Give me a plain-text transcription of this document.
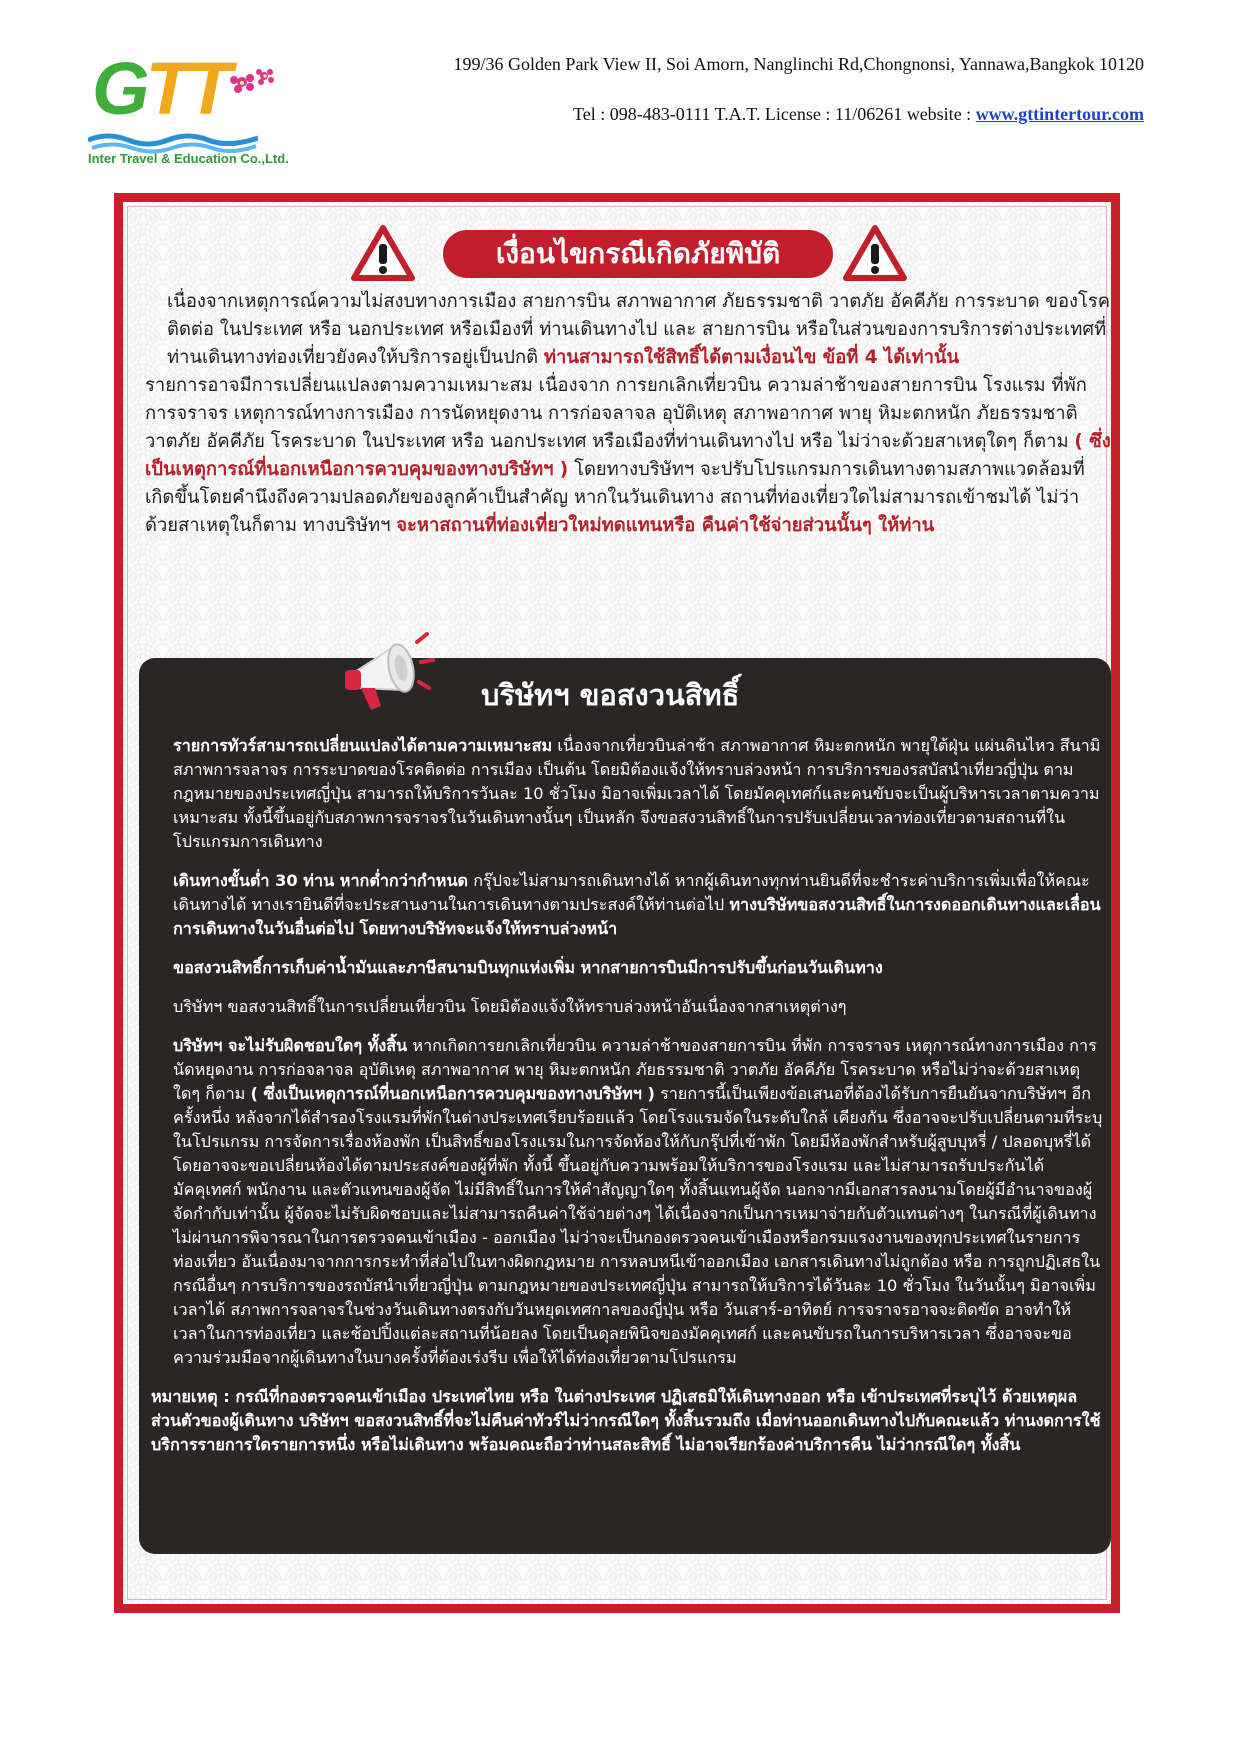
GTT
Inter Travel & Education Co.,Ltd.
199/36 Golden Park View II, Soi Amorn, Nanglinchi Rd,Chongnonsi, Yannawa,Bangkok 10120
Tel : 098-483-0111 T.A.T. License : 11/06261 website : www.gttintertour.com
เงื่อนไขกรณีเกิดภัยพิบัติ

เนื่องจากเหตุการณ์ความไม่สงบทางการเมือง สายการบิน สภาพอากาศ ภัยธรรมชาติ วาตภัย อัคคีภัย การระบาด ของโรคติดต่อ ในประเทศ หรือ นอกประเทศ หรือเมืองที่ ท่านเดินทางไป และ สายการบิน หรือในส่วนของการบริการต่างประเทศที่ท่านเดินทางท่องเที่ยวยังคงให้บริการอยู่เป็นปกติ ท่านสามารถใช้สิทธิ์ได้ตามเงื่อนไข ข้อที่ 4 ได้เท่านั้น

รายการอาจมีการเปลี่ยนแปลงตามความเหมาะสม เนื่องจาก การยกเลิกเที่ยวบิน ความล่าช้าของสายการบิน โรงแรม ที่พัก การจราจร เหตุการณ์ทางการเมือง การนัดหยุดงาน การก่อจลาจล อุบัติเหตุ สภาพอากาศ พายุ หิมะตกหนัก ภัยธรรมชาติ วาตภัย อัคคีภัย โรคระบาด ในประเทศ หรือ นอกประเทศ หรือเมืองที่ท่านเดินทางไป หรือ ไม่ว่าจะด้วยสาเหตุใดๆ ก็ตาม ( ซึ่งเป็นเหตุการณ์ที่นอกเหนือการควบคุมของทางบริษัทฯ ) โดยทางบริษัทฯ จะปรับโปรแกรมการเดินทางตามสภาพแวดล้อมที่เกิดขึ้นโดยคำนึงถึงความปลอดภัยของลูกค้าเป็นสำคัญ หากในวันเดินทาง สถานที่ท่องเที่ยวใดไม่สามารถเข้าชมได้ ไม่ว่าด้วยสาเหตุในก็ตาม ทางบริษัทฯ จะหาสถานที่ท่องเที่ยวใหม่ทดแทนหรือ คืนค่าใช้จ่ายส่วนนั้นๆ ให้ท่าน

บริษัทฯ ขอสงวนสิทธิ์

รายการทัวร์สามารถเปลี่ยนแปลงได้ตามความเหมาะสม เนื่องจากเที่ยวบินล่าช้า สภาพอากาศ หิมะตกหนัก พายุใต้ฝุ่น แผ่นดินไหว สึนามิ สภาพการจลาจร การระบาดของโรคติดต่อ การเมือง เป็นต้น โดยมิต้องแจ้งให้ทราบล่วงหน้า การบริการของรสบัสนำเที่ยวญี่ปุ่น ตามกฎหมายของประเทศญี่ปุ่น สามารถให้บริการวันละ 10 ชั่วโมง มิอาจเพิ่มเวลาได้ โดยมัคคุเทศก์และคนขับจะเป็นผู้บริหารเวลาตามความเหมาะสม ทั้งนี้ขึ้นอยู่กับสภาพการจราจรในวันเดินทางนั้นๆ เป็นหลัก จึงขอสงวนสิทธิ์ในการปรับเปลี่ยนเวลาท่องเที่ยวตามสถานที่ในโปรแกรมการเดินทาง

เดินทางขั้นต่ำ 30 ท่าน หากต่ำกว่ากำหนด กรุ๊ปจะไม่สามารถเดินทางได้ หากผู้เดินทางทุกท่านยินดีที่จะชำระค่าบริการเพิ่มเพื่อให้คณะเดินทางได้ ทางเรายินดีที่จะประสานงานในการเดินทางตามประสงค์ให้ท่านต่อไป ทางบริษัทขอสงวนสิทธิ์ในการงดออกเดินทางและเลื่อนการเดินทางในวันอื่นต่อไป โดยทางบริษัทจะแจ้งให้ทราบล่วงหน้า

ขอสงวนสิทธิ์การเก็บค่าน้ำมันและภาษีสนามบินทุกแห่งเพิ่ม หากสายการบินมีการปรับขึ้นก่อนวันเดินทาง

บริษัทฯ ขอสงวนสิทธิ์ในการเปลี่ยนเที่ยวบิน โดยมิต้องแจ้งให้ทราบล่วงหน้าอันเนื่องจากสาเหตุต่างๆ

บริษัทฯ จะไม่รับผิดชอบใดๆ ทั้งสิ้น หากเกิดการยกเลิกเที่ยวบิน ความล่าช้าของสายการบิน ที่พัก การจราจร เหตุการณ์ทางการเมือง การนัดหยุดงาน การก่อจลาจล อุบัติเหตุ สภาพอากาศ พายุ หิมะตกหนัก ภัยธรรมชาติ วาตภัย อัคคีภัย โรคระบาด หรือไม่ว่าจะด้วยสาเหตุใดๆ ก็ตาม ( ซึ่งเป็นเหตุการณ์ที่นอกเหนือการควบคุมของทางบริษัทฯ ) รายการนี้เป็นเพียงข้อเสนอที่ต้องได้รับการยืนยันจากบริษัทฯ อีกครั้งหนึ่ง หลังจากได้สำรองโรงแรมที่พักในต่างประเทศเรียบร้อยแล้ว โดยโรงแรมจัดในระดับใกล้ เคียงกัน ซึ่งอาจจะปรับเปลี่ยนตามที่ระบุในโปรแกรม การจัดการเรื่องห้องพัก เป็นสิทธิ์ของโรงแรมในการจัดห้องให้กับกรุ๊ปที่เข้าพัก โดยมีห้องพักสำหรับผู้สูบบุหรี่ / ปลอดบุหรี่ได้ โดยอาจจะขอเปลี่ยนห้องได้ตามประสงค์ของผู้ที่พัก ทั้งนี้ ขึ้นอยู่กับความพร้อมให้บริการของโรงแรม และไม่สามารถรับประกันได้ มัคคุเทศก์ พนักงาน และตัวแทนของผู้จัด ไม่มีสิทธิ์ในการให้คำสัญญาใดๆ ทั้งสิ้นแทนผู้จัด นอกจากมีเอกสารลงนามโดยผู้มีอำนาจของผู้จัดกำกับเท่านั้น ผู้จัดจะไม่รับผิดชอบและไม่สามารถคืนค่าใช้จ่ายต่างๆ ได้เนื่องจากเป็นการเหมาจ่ายกับตัวแทนต่างๆ ในกรณีที่ผู้เดินทางไม่ผ่านการพิจารณาในการตรวจคนเข้าเมือง - ออกเมือง ไม่ว่าจะเป็นกองตรวจคนเข้าเมืองหรือกรมแรงงานของทุกประเทศในรายการท่องเที่ยว อันเนื่องมาจากการกระทำที่ส่อไปในทางผิดกฎหมาย การหลบหนีเข้าออกเมือง เอกสารเดินทางไม่ถูกต้อง หรือ การถูกปฏิเสธในกรณีอื่นๆ การบริการของรถบัสนำเที่ยวญี่ปุ่น ตามกฎหมายของประเทศญี่ปุ่น สามารถให้บริการได้วันละ 10 ชั่วโมง ในวันนั้นๆ มิอาจเพิ่มเวลาได้ สภาพการจลาจรในช่วงวันเดินทางตรงกับวันหยุดเทศกาลของญี่ปุ่น หรือ วันเสาร์-อาทิตย์ การจราจรอาจจะติดขัด อาจทำให้เวลาในการท่องเที่ยว และช้อปปิ้งแต่ละสถานที่น้อยลง โดยเป็นดุลยพินิจของมัคคุเทศก์ และคนขับรถในการบริหารเวลา ซึ่งอาจจะขอความร่วมมือจากผู้เดินทางในบางครั้งที่ต้องเร่งรีบ เพื่อให้ได้ท่องเที่ยวตามโปรแกรม

หมายเหตุ : กรณีที่กองตรวจคนเข้าเมือง ประเทศไทย หรือ ในต่างประเทศ ปฏิเสธมิให้เดินทางออก หรือ เข้าประเทศที่ระบุไว้ ด้วยเหตุผลส่วนตัวของผู้เดินทาง บริษัทฯ ขอสงวนสิทธิ์ที่จะไม่คืนค่าทัวร์ไม่ว่ากรณีใดๆ ทั้งสิ้นรวมถึง เมื่อท่านออกเดินทางไปกับคณะแล้ว ท่านงดการใช้บริการรายการใดรายการหนึ่ง หรือไม่เดินทาง พร้อมคณะถือว่าท่านสละสิทธิ์ ไม่อาจเรียกร้องค่าบริการคืน ไม่ว่ากรณีใดๆ ทั้งสิ้น
